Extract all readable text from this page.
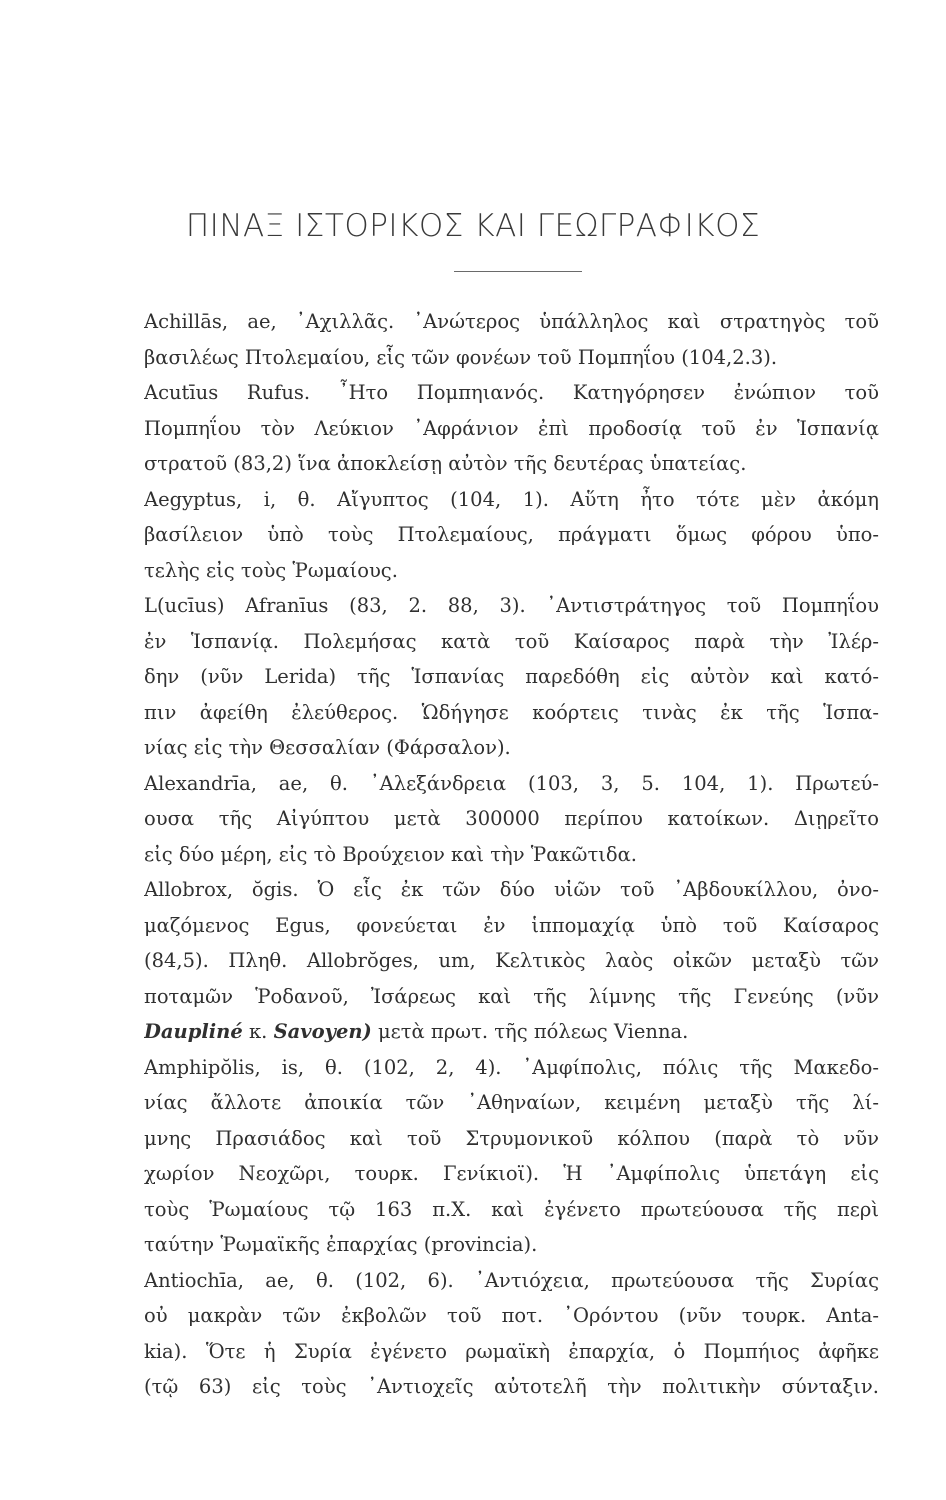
ΠΙΝΑΞ ΙΣΤΟΡΙΚΟΣ ΚΑΙ ΓΕΩΓΡΑΦΙΚΟΣ
Achillās, ae, ᾿Αχιλλᾶς. ᾿Ανώτερος ὑπάλληλος καὶ στρατηγὸς τοῦ
βασιλέως Πτολεμαίου, εἷς τῶν φονέων τοῦ Πομπηΐου (104,2.3).
Acutīus Rufus. ῏Ητο Πομπηιανός. Κατηγόρησεν ἐνώπιον τοῦ
Πομπηΐου τὸν Λεύκιον ᾿Αφράνιον ἐπὶ προδοσίᾳ τοῦ ἐν Ἱσπανίᾳ
στρατοῦ (83,2) ἵνα ἀποκλείσῃ αὐτὸν τῆς δευτέρας ὑπατείας.
Aegyptus, i, θ. Αἴγυπτος (104, 1). Αὕτη ἦτο τότε μὲν ἀκόμη
βασίλειον ὑπὸ τοὺς Πτολεμαίους, πράγματι ὅμως φόρου ὑπο-
τελὴς εἰς τοὺς Ῥωμαίους.
L(ucīus) Afranīus (83, 2. 88, 3). ᾿Αντιστράτηγος τοῦ Πομπηΐου
ἐν Ἱσπανίᾳ. Πολεμήσας κατὰ τοῦ Καίσαρος παρὰ τὴν Ἰλέρ-
δην (νῦν Lerida) τῆς Ἱσπανίας παρεδόθη εἰς αὐτὸν καὶ κατό-
πιν ἀφείθη ἐλεύθερος. Ὡδήγησε κοόρτεις τινὰς ἐκ τῆς Ἱσπα-
νίας εἰς τὴν Θεσσαλίαν (Φάρσαλον).
Alexandrīa, ae, θ. ᾿Αλεξάνδρεια (103, 3, 5. 104, 1). Πρωτεύ-
ουσα τῆς Αἰγύπτου μετὰ 300000 περίπου κατοίκων. Διῃρεῖτο
εἰς δύο μέρη, εἰς τὸ Βρούχειον καὶ τὴν Ῥακῶτιδα.
Allobrox, ŏgis. Ὁ εἷς ἐκ τῶν δύο υἱῶν τοῦ ᾿Αβδουκίλλου, ὀνο-
μαζόμενος Egus, φονεύεται ἐν ἱππομαχίᾳ ὑπὸ τοῦ Καίσαρος
(84,5). Πληθ. Allobrŏges, um, Κελτικὸς λαὸς οἰκῶν μεταξὺ τῶν
ποταμῶν Ῥοδανοῦ, Ἰσάρεως καὶ τῆς λίμνης τῆς Γενεύης (νῦν
Daupliné κ. Savoyen) μετὰ πρωτ. τῆς πόλεως Vienna.
Amphipŏlis, is, θ. (102, 2, 4). ᾿Αμφίπολις, πόλις τῆς Μακεδο-
νίας ἄλλοτε ἀποικία τῶν ᾿Αθηναίων, κειμένη μεταξὺ τῆς λί-
μνης Πρασιάδος καὶ τοῦ Στρυμονικοῦ κόλπου (παρὰ τὸ νῦν
χωρίον Νεοχῶρι, τουρκ. Γενίκιοϊ). Ἡ ᾿Αμφίπολις ὑπετάγη εἰς
τοὺς Ῥωμαίους τῷ 163 π.Χ. καὶ ἐγένετο πρωτεύουσα τῆς περὶ
ταύτην Ῥωμαϊκῆς ἐπαρχίας (provincia).
Antiochīa, ae, θ. (102, 6). ᾿Αντιόχεια, πρωτεύουσα τῆς Συρίας
οὐ μακρὰν τῶν ἐκβολῶν τοῦ ποτ. ᾿Ορόντου (νῦν τουρκ. Anta-
kia). Ὅτε ἡ Συρία ἐγένετο ρωμαϊκὴ ἐπαρχία, ὁ Πομπήιος ἀφῆκε
(τῷ 63) εἰς τοὺς ᾿Αντιοχεῖς αὐτοτελῆ τὴν πολιτικὴν σύνταξιν.
